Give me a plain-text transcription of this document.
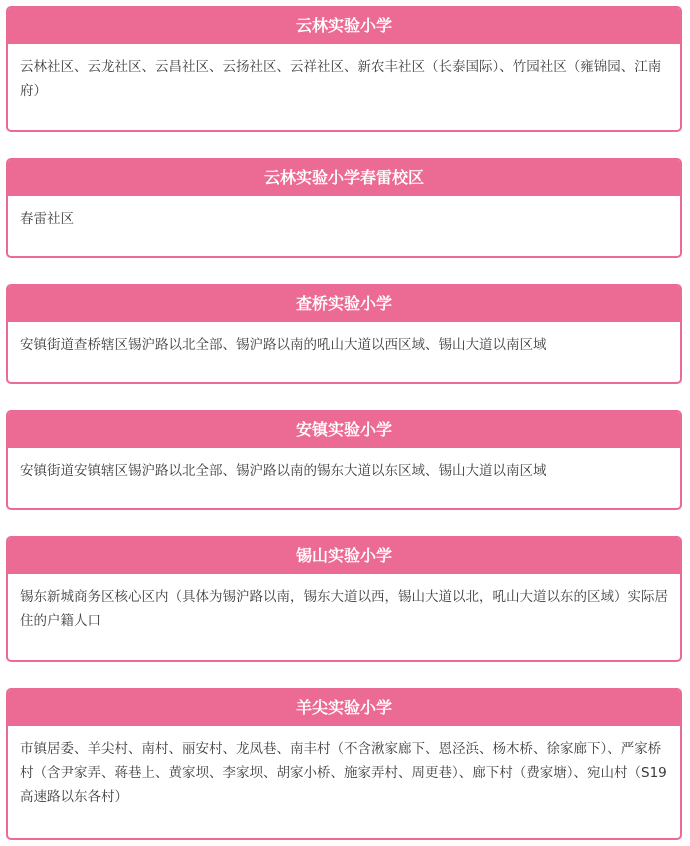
云林实验小学
云林社区、云龙社区、云昌社区、云扬社区、云祥社区、新农丰社区（长泰国际）、竹园社区（雍锦园、江南府）
云林实验小学春雷校区
春雷社区
查桥实验小学
安镇街道查桥辖区锡沪路以北全部、锡沪路以南的吼山大道以西区域、锡山大道以南区域
安镇实验小学
安镇街道安镇辖区锡沪路以北全部、锡沪路以南的锡东大道以东区域、锡山大道以南区域
锡山实验小学
锡东新城商务区核心区内（具体为锡沪路以南，锡东大道以西，锡山大道以北，吼山大道以东的区域）实际居住的户籍人口
羊尖实验小学
市镇居委、羊尖村、南村、丽安村、龙凤巷、南丰村（不含湫家廊下、恩泾浜、杨木桥、徐家廊下）、严家桥村（含尹家弄、蒋巷上、黄家坝、李家坝、胡家小桥、施家弄村、周更巷）、廊下村（费家塘）、宛山村（S19高速路以东各村）
